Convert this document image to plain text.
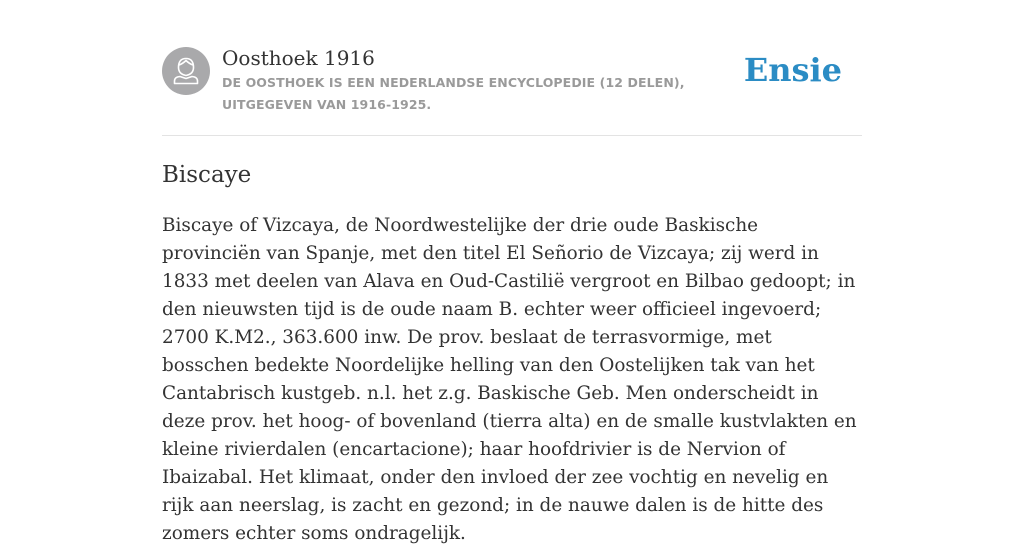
Oosthoek 1916
DE OOSTHOEK IS EEN NEDERLANDSE ENCYCLOPEDIE (12 DELEN), UITGEGEVEN VAN 1916-1925.
Ensie
Biscaye

Biscaye of Vizcaya, de Noordwestelijke der drie oude Baskische provinciën van Spanje, met den titel El Señorio de Vizcaya; zij werd in 1833 met deelen van Alava en Oud-Castilië vergroot en Bilbao gedoopt; in den nieuwsten tijd is de oude naam B. echter weer officieel ingevoerd; 2700 K.M2., 363.600 inw. De prov. beslaat de terrasvormige, met bosschen bedekte Noordelijke helling van den Oostelijken tak van het Cantabrisch kustgeb. n.l. het z.g. Baskische Geb. Men onderscheidt in deze prov. het hoog- of bovenland (tierra alta) en de smalle kustvlakten en kleine rivierdalen (encartacione); haar hoofdrivier is de Nervion of Ibaizabal. Het klimaat, onder den invloed der zee vochtig en nevelig en rijk aan neerslag, is zacht en gezond; in de nauwe dalen is de hitte des zomers echter soms ondragelijk.
